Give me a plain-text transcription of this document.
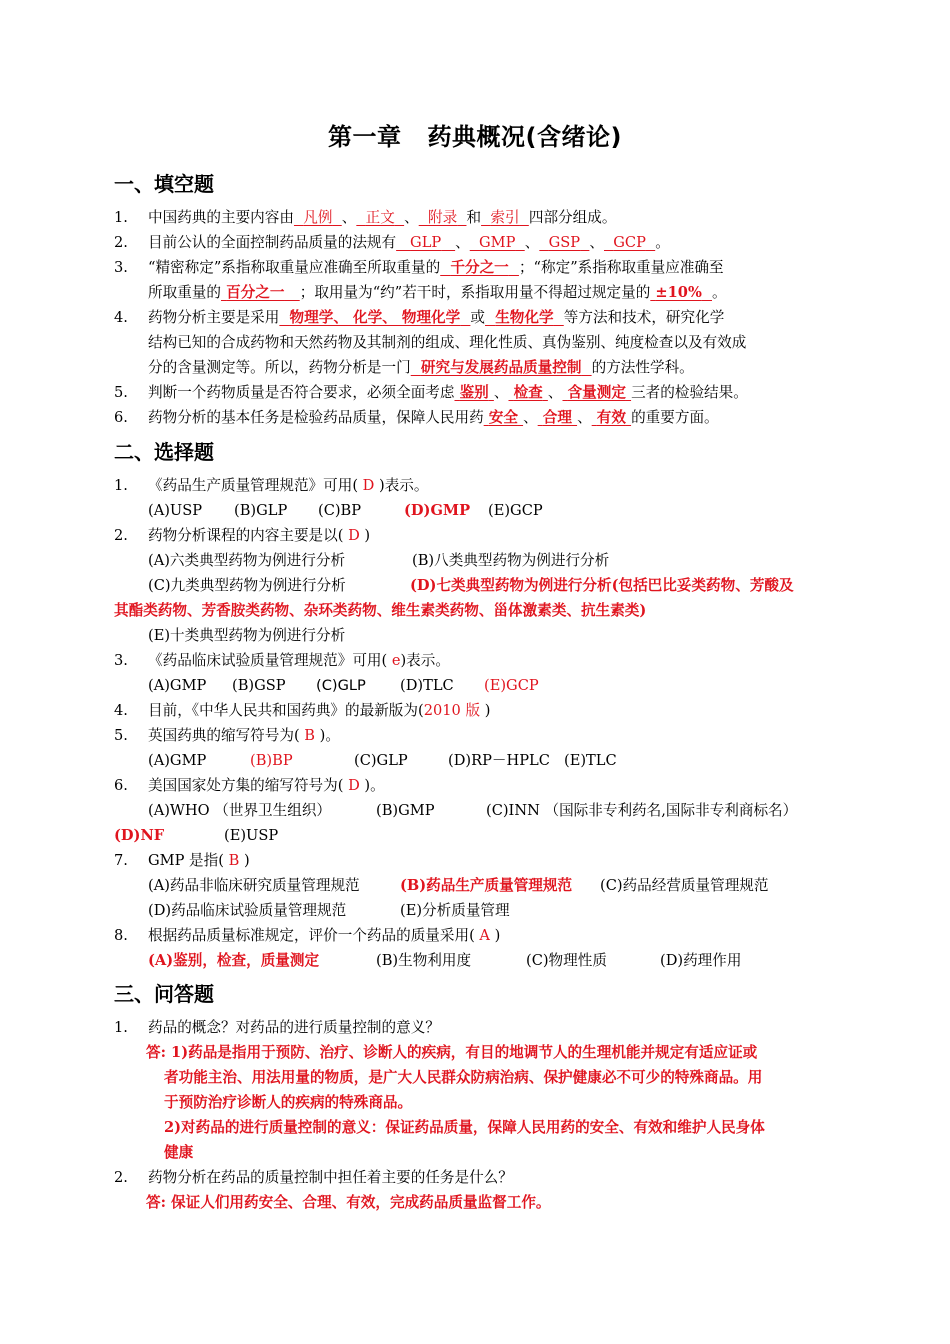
第一章 药典概况(含绪论)
一、填空题
1. 中国药典的主要内容由 凡例 、 正文 、 附录 和 索引 四部分组成。
2. 目前公认的全面控制药品质量的法规有 GLP 、 GMP 、 GSP 、 GCP 。
3. “精密称定”系指称取重量应准确至所取重量的 千分之一 ；“称定”系指称取重量应准确至
所取重量的 百分之一 ；取用量为“约”若干时，系指取用量不得超过规定量的 ±10% 。
4. 药物分析主要是采用 物理学、 化学、 物理化学 或 生物化学 等方法和技术，研究化学
结构已知的合成药物和天然药物及其制剂的组成、理化性质、真伪鉴别、纯度检查以及有效成
分的含量测定等。所以，药物分析是一门 研究与发展药品质量控制 的方法性学科。
5. 判断一个药物质量是否符合要求，必须全面考虑 鉴别 、 检查 、 含量测定 三者的检验结果。
6. 药物分析的基本任务是检验药品质量，保障人民用药 安全 、 合理 、 有效 的重要方面。
二、选择题
1. 《药品生产质量管理规范》可用( D )表示。
(A)USP (B)GLP (C)BP	(D)GMP (E)GCP
2. 药物分析课程的内容主要是以( D )
(A)六类典型药物为例进行分析	(B)八类典型药物为例进行分析
(C)九类典型药物为例进行分析	(D)七类典型药物为例进行分析(包括巴比妥类药物、芳酸及
其酯类药物、芳香胺类药物、杂环类药物、维生素类药物、甾体激素类、抗生素类)
(E)十类典型药物为例进行分析
3. 《药品临床试验质量管理规范》可用( e)表示。
(A)GMP (B)GSP (C)GLP (D)TLC (E)GCP
4. 目前，《中华人民共和国药典》的最新版为(2010 版 )
5. 英国药典的缩写符号为( B )。
(A)GMP	(B)BP	(C)GLP	(D)RP－HPLC (E)TLC
6. 美国国家处方集的缩写符号为( D )。
(A)WHO （世界卫生组织）	(B)GMP	(C)INN （国际非专利药名,国际非专利商标名）
(D)NF	(E)USP
7. GMP 是指( B )
(A)药品非临床研究质量管理规范	(B)药品生产质量管理规范 (C)药品经营质量管理规范
(D)药品临床试验质量管理规范	(E)分析质量管理
8. 根据药品质量标准规定，评价一个药品的质量采用( A )
(A)鉴别，检查，质量测定	(B)生物利用度	(C)物理性质	(D)药理作用
三、问答题
1. 药品的概念？对药品的进行质量控制的意义？
答: 1)药品是指用于预防、治疗、诊断人的疾病，有目的地调节人的生理机能并规定有适应证或
者功能主治、用法用量的物质，是广大人民群众防病治病、保护健康必不可少的特殊商品。用
于预防治疗诊断人的疾病的特殊商品。
2)对药品的进行质量控制的意义：保证药品质量，保障人民用药的安全、有效和维护人民身体
健康
2. 药物分析在药品的质量控制中担任着主要的任务是什么？
答: 保证人们用药安全、合理、有效，完成药品质量监督工作。
